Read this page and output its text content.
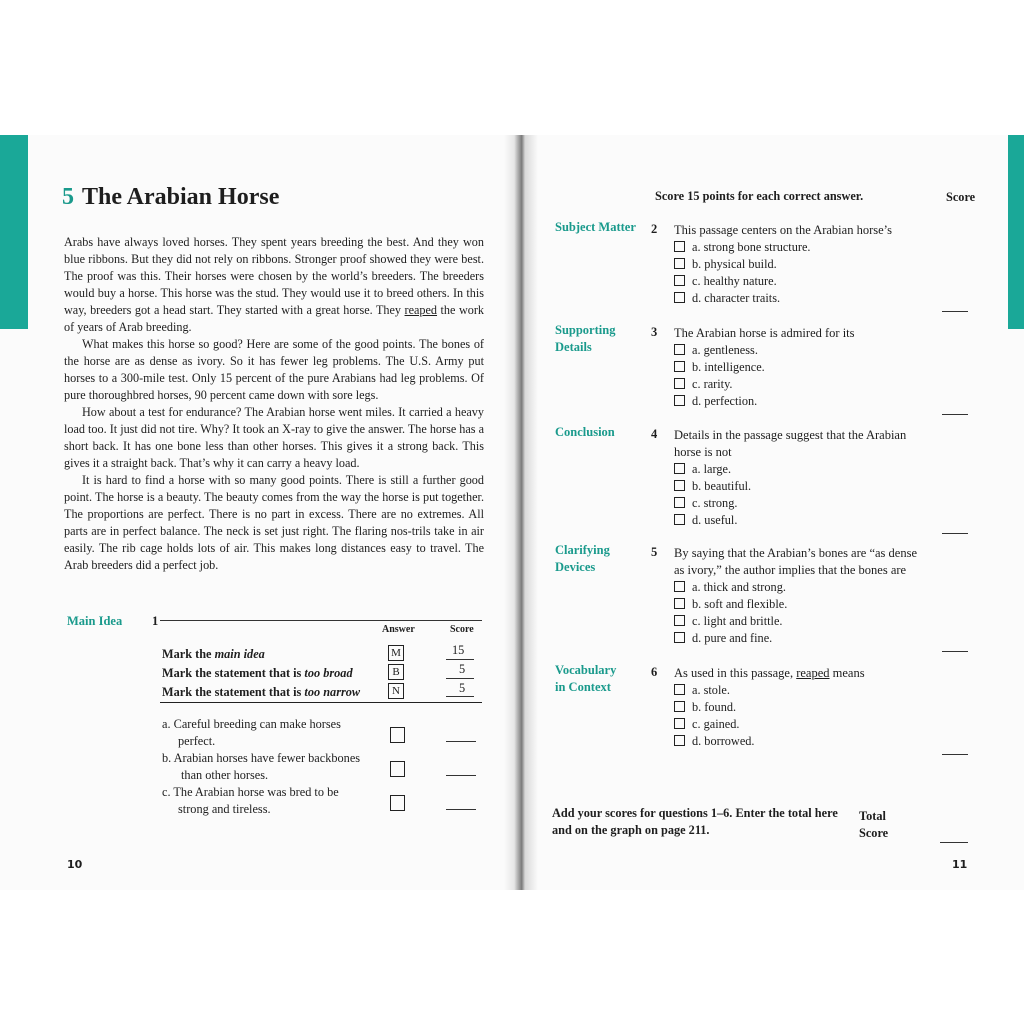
5 The Arabian Horse

Arabs have always loved horses. They spent years breeding the best. And they won blue ribbons. But they did not rely on ribbons. Stronger proof showed they were best. The proof was this. Their horses were chosen by the world’s breeders. The breeders would buy a horse. This horse was the stud. They would use it to breed others. In this way, breeders got a head start. They started with a great horse. They reaped the work of years of Arab breeding.

What makes this horse so good? Here are some of the good points. The bones of the horse are as dense as ivory. So it has fewer leg problems. The U.S. Army put horses to a 300-mile test. Only 15 percent of the pure Arabians had leg problems. Of pure thoroughbred horses, 90 percent came down with sore legs.

How about a test for endurance? The Arabian horse went miles. It carried a heavy load too. It just did not tire. Why? It took an X-ray to give the answer. The horse has a short back. It has one bone less than other horses. This gives it a strong back. This gives it a straight back. That’s why it can carry a heavy load.

It is hard to find a horse with so many good points. There is still a further good point. The horse is a beauty. The beauty comes from the way the horse is put together. The proportions are perfect. There is no part in excess. There are no extremes. All parts are in perfect balance. The neck is set just right. The flaring nos-trils take in air easily. The rib cage holds lots of air. This makes long distances easy to travel. The Arab breeders did a perfect job.

Main Idea 1
Answer	Score
Mark the main idea	M	15
Mark the statement that is too broad	B	5
Mark the statement that is too narrow	N	5
a. Careful breeding can make horses
perfect.
b. Arabian horses have fewer backbones
than other horses.
c. The Arabian horse was bred to be
strong and tireless.
10
Score 15 points for each correct answer.	Score
Subject Matter 2 This passage centers on the Arabian horse’s
a. strong bone structure.
b. physical build.
c. healthy nature.
d. character traits.
Supporting
Details
3 The Arabian horse is admired for its
a. gentleness.
b. intelligence.
c. rarity.
d. perfection.
Conclusion	4 Details in the passage suggest that the Arabian
horse is not
a. large.
b. beautiful.
c. strong.
d. useful.
Clarifying
Devices
5 By saying that the Arabian’s bones are “as dense
as ivory,” the author implies that the bones are
a. thick and strong.
b. soft and flexible.
c. light and brittle.
d. pure and fine.
Vocabulary
in Context
6 As used in this passage, reaped means
a. stole.
b. found.
c. gained.
d. borrowed.
Add your scores for questions 1–6. Enter the total here
and on the graph on page 211.
Total
Score
11
